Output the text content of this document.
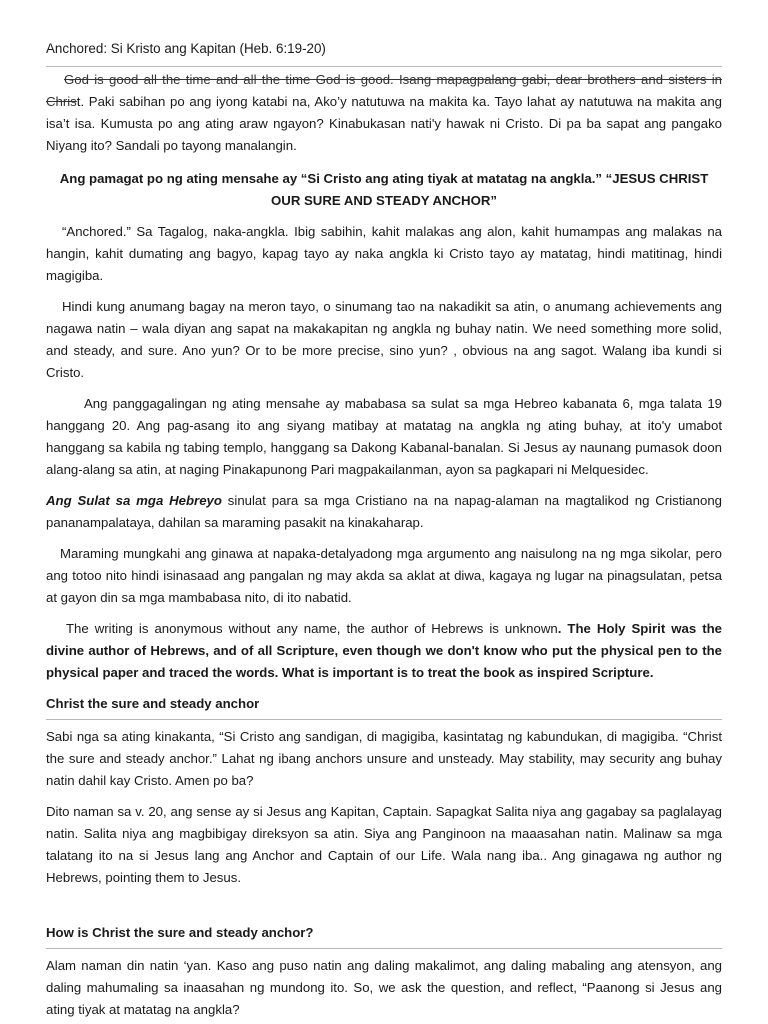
Anchored: Si Kristo ang Kapitan (Heb. 6:19-20)

God is good all the time and all the time God is good. Isang mapagpalang gabi, dear brothers and sisters in Christ. Paki sabihan po ang iyong katabi na, Ako’y natutuwa na makita ka. Tayo lahat ay natutuwa na makita ang isa’t isa. Kumusta po ang ating araw ngayon? Kinabukasan nati'y hawak ni Cristo. Di pa ba sapat ang pangako Niyang ito? Sandali po tayong manalangin.

Ang pamagat po ng ating mensahe ay “Si Cristo ang ating tiyak at matatag na angkla.” “JESUS CHRIST OUR SURE AND STEADY ANCHOR”

“Anchored.” Sa Tagalog, naka-angkla. Ibig sabihin, kahit malakas ang alon, kahit humampas ang malakas na hangin, kahit dumating ang bagyo, kapag tayo ay naka angkla ki Cristo tayo ay matatag, hindi matitinag, hindi magigiba.

Hindi kung anumang bagay na meron tayo, o sinumang tao na nakadikit sa atin, o anumang achievements ang nagawa natin – wala diyan ang sapat na makakapitan ng angkla ng buhay natin. We need something more solid, and steady, and sure. Ano yun? Or to be more precise, sino yun? , obvious na ang sagot. Walang iba kundi si Cristo.

Ang panggagalingan ng ating mensahe ay mababasa sa sulat sa mga Hebreo kabanata 6, mga talata 19 hanggang 20. Ang pag-asang ito ang siyang matibay at matatag na angkla ng ating buhay, at ito'y umabot hanggang sa kabila ng tabing templo, hanggang sa Dakong Kabanal-banalan. Si Jesus ay naunang pumasok doon alang-alang sa atin, at naging Pinakapunong Pari magpakailanman, ayon sa pagkapari ni Melquesidec.

Ang Sulat sa mga Hebreyo sinulat para sa mga Cristiano na na napag-alaman na magtalikod ng Cristianong pananampalataya, dahilan sa maraming pasakit na kinakaharap.

Maraming mungkahi ang ginawa at napaka-detalyadong mga argumento ang naisulong na ng mga sikolar, pero ang totoo nito hindi isinasaad ang pangalan ng may akda sa aklat at diwa, kagaya ng lugar na pinagsulatan, petsa at gayon din sa mga mambabasa nito, di ito nabatid.

The writing is anonymous without any name, the author of Hebrews is unknown. The Holy Spirit was the divine author of Hebrews, and of all Scripture, even though we don't know who put the physical pen to the physical paper and traced the words. What is important is to treat the book as inspired Scripture.

Christ the sure and steady anchor

Sabi nga sa ating kinakanta, “Si Cristo ang sandigan, di magigiba, kasintatag ng kabundukan, di magigiba. “Christ the sure and steady anchor.” Lahat ng ibang anchors unsure and unsteady. May stability, may security ang buhay natin dahil kay Cristo. Amen po ba?

Dito naman sa v. 20, ang sense ay si Jesus ang Kapitan, Captain. Sapagkat Salita niya ang gagabay sa paglalayag natin. Salita niya ang magbibigay direksyon sa atin. Siya ang Panginoon na maaasahan natin. Malinaw sa mga talatang ito na si Jesus lang ang Anchor and Captain of our Life. Wala nang iba.. Ang ginagawa ng author ng Hebrews, pointing them to Jesus.

How is Christ the sure and steady anchor?

Alam naman din natin ‘yan. Kaso ang puso natin ang daling makalimot, ang daling mabaling ang atensyon, ang daling mahumaling sa inaasahan ng mundong ito. So, we ask the question, and reflect, “Paanong si Jesus ang ating tiyak at matatag na angkla?
